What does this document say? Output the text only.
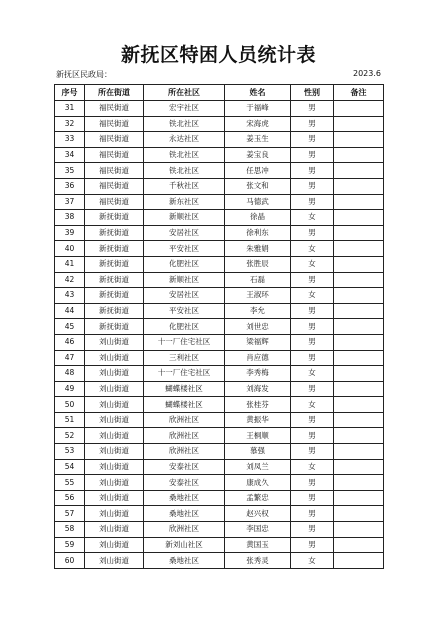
新抚区特困人员统计表
新抚区民政局：	2023.6
序号	所在街道	所在社区	姓名	性别	备注
31	福民街道	宏宇社区	于福峰	男	
32	福民街道	铁北社区	宋海虎	男	
33	福民街道	永达社区	姜玉生	男	
34	福民街道	铁北社区	姜宝良	男	
35	福民街道	铁北社区	任思冲	男	
36	福民街道	千秋社区	张文和	男	
37	福民街道	新东社区	马德武	男	
38	新抚街道	新顺社区	徐晶	女	
39	新抚街道	安居社区	徐利东	男	
40	新抚街道	平安社区	朱雅娟	女	
41	新抚街道	化肥社区	张胜辰	女	
42	新抚街道	新顺社区	石磊	男	
43	新抚街道	安居社区	王淑环	女	
44	新抚街道	平安社区	李允	男	
45	新抚街道	化肥社区	刘世忠	男	
46	刘山街道	十一厂住宅社区	梁福辉	男	
47	刘山街道	三利社区	肖应德	男	
48	刘山街道	十一厂住宅社区	李秀梅	女	
49	刘山街道	蝴蝶楼社区	刘海发	男	
50	刘山街道	蝴蝶楼社区	张桂芬	女	
51	刘山街道	欣洲社区	黄振华	男	
52	刘山街道	欣洲社区	王桐顺	男	
53	刘山街道	欣洲社区	慕强	男	
54	刘山街道	安泰社区	刘凤兰	女	
55	刘山街道	安泰社区	康成久	男	
56	刘山街道	桑地社区	孟繁忠	男	
57	刘山街道	桑地社区	赵兴权	男	
58	刘山街道	欣洲社区	李国忠	男	
59	刘山街道	新刘山社区	黄国玉	男	
60	刘山街道	桑地社区	张秀灵	女	
